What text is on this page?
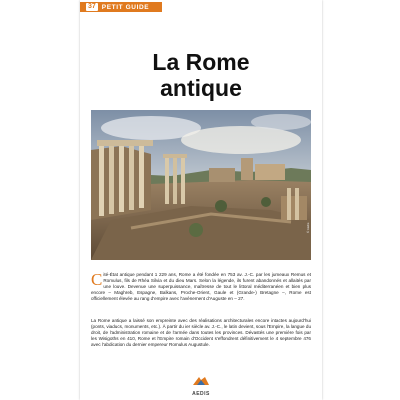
37 PETIT GUIDE
La Rome
antique
© Aédis

Cité-État antique pendant 1 229 ans, Rome a été fondée en 753 av. J.-C. par les jumeaux Remus et Romulus, fils de Rhéa Silvia et du dieu Mars. Selon la légende, ils furent abandonnés et allaités par une louve. Devenue une superpuissance, maîtresse de tout le littoral méditerranéen et bien plus encore – Maghreb, Espagne, Balkans, Proche-Orient, Gaule et (Grande-) Bretagne –, Rome est officiellement élevée au rang d'empire avec l'avènement d'Auguste en – 27.

La Rome antique a laissé son empreinte avec des réalisations architecturales encore intactes aujourd'hui (ponts, viaducs, monuments, etc.). À partir du ier siècle av. J.-C., le latin devient, sous l'Empire, la langue du droit, de l'administration romaine et de l'armée dans toutes les provinces. Dévastés une première fois par les Wisigoths en 410, Rome et l'Empire romain d'Occident s'effondrent définitivement le 4 septembre 476 avec l'abdication du dernier empereur Romulus Augustule.

AEDIS
